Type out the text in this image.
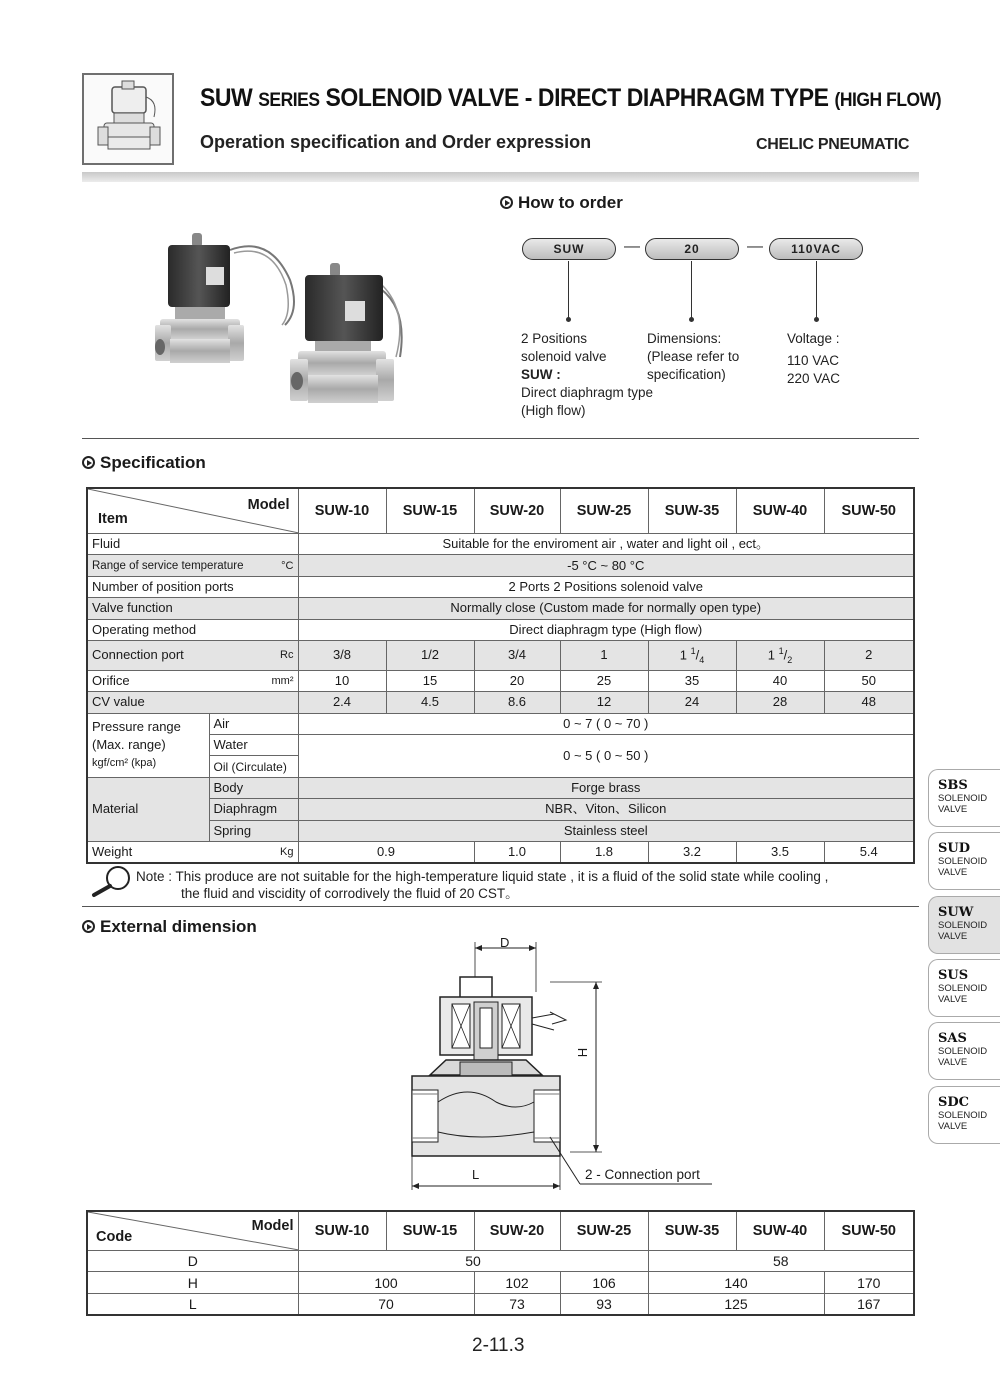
SUW SERIES SOLENOID VALVE - DIRECT DIAPHRAGM TYPE (HIGH FLOW)
Operation specification and Order expression	CHELIC PNEUMATIC
How to order
SUW	—	20	—	110VAC
2 Positions
solenoid valve
SUW :
Direct diaphragm type
(High flow)
Dimensions:
(Please refer to
specification)
Voltage :
110 VAC
220 VAC
Specification
Model
Item		SUW-10	SUW-15	SUW-20	SUW-25	SUW-35	SUW-40	SUW-50
Fluid		Suitable for the enviroment air , water and light oil , ect。						
Range of service temperature °C		-5 °C ~ 80 °C						
Number of position ports		2 Ports 2 Positions solenoid valve						
Valve function		Normally close (Custom made for normally open type)						
Operating method		Direct diaphragm type (High flow)						
Connection port Rc		3/8	1/2	3/4	1	1 $^1/_4$	1 $^1/_2$	2
Orifice mm²		10	15	20	25	35	40	50
CV value		2.4	4.5	8.6	12	24	28	48

Pressure range
(Max. range)
kgf/cm² (kpa)	Air	0 ~ 7 ( 0 ~ 70 )						
	Water	0 ~ 5 ( 0 ~ 50 )						
	Oil (Circulate)							
Material	Body	Forge brass						
	Diaphragm	NBR、Viton、Silicon						
	Spring	Stainless steel						
Weight Kg		0.9		1.0	1.8	3.2	3.5	5.4
Note : This produce are not suitable for the high-temperature liquid state , it is a fluid of the solid state while cooling ,
the fluid and viscidity of corrodively the fluid of 20 CST。
External dimension
D
H
L	2 - Connection port
Model
Code	SUW-10	SUW-15	SUW-20	SUW-25	SUW-35	SUW-40	SUW-50
D	50				58		
H	100		102	106	140		170
L	70		73	93	125		167
SBS
SOLENOID
VALVE
SUD
SOLENOID
VALVE
SUW
SOLENOID
VALVE
SUS
SOLENOID
VALVE
SAS
SOLENOID
VALVE
SDC
SOLENOID
VALVE
2-11.3
